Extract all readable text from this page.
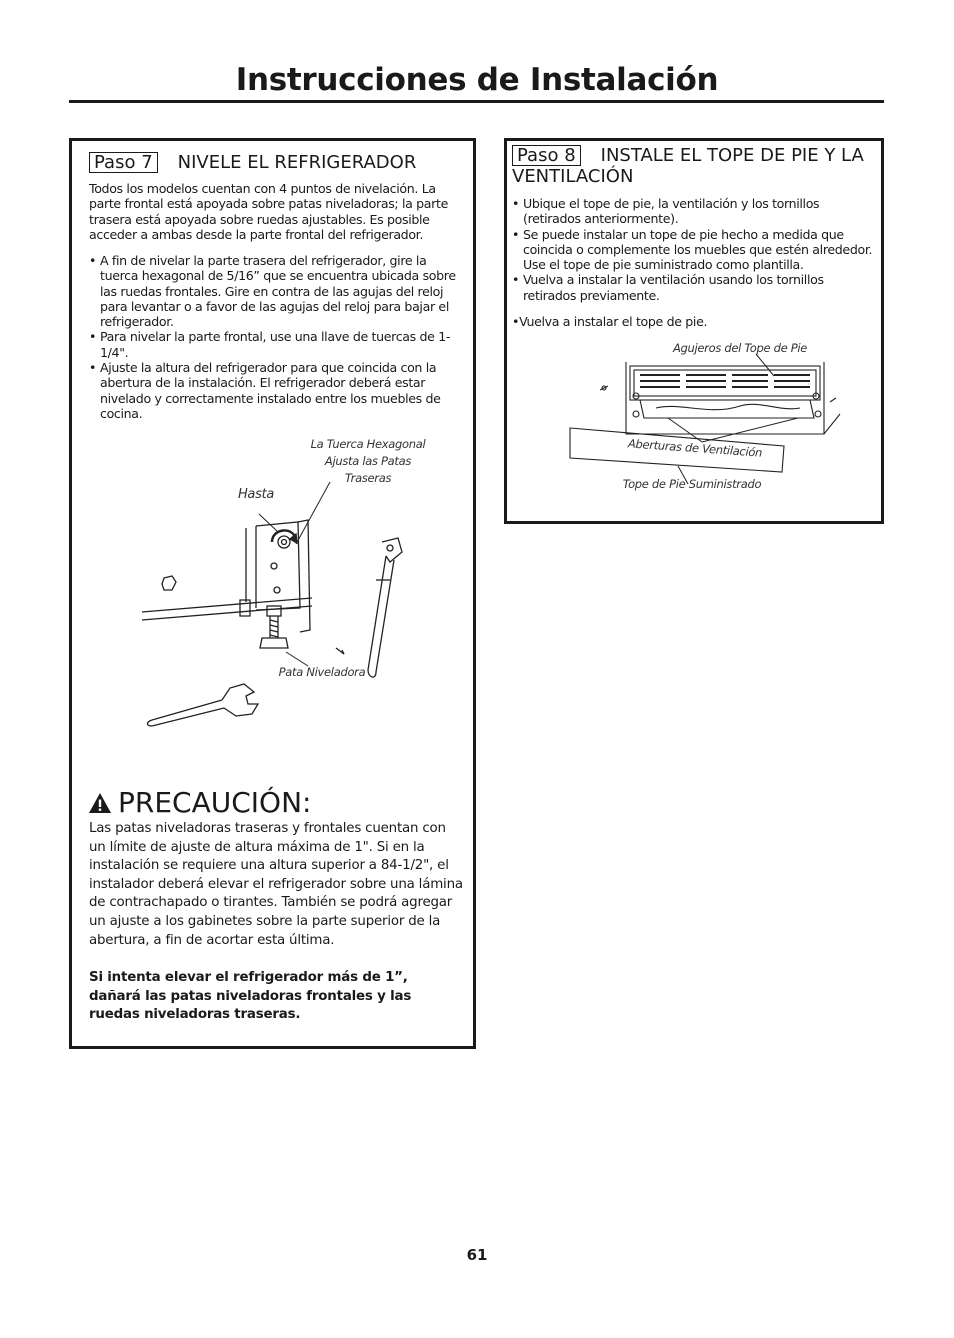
Instrucciones de Instalación
Paso 7 NIVELE EL REFRIGERADOR

Todos los modelos cuentan con 4 puntos de nivelación. La parte frontal está apoyada sobre patas niveladoras; la parte trasera está apoyada sobre ruedas ajustables. Es posible acceder a ambas desde la parte frontal del refrigerador.

• A fin de nivelar la parte trasera del refrigerador, gire la tuerca hexagonal de 5/16” que se encuentra ubicada sobre las ruedas frontales. Gire en contra de las agujas del reloj para levantar o a favor de las agujas del reloj para bajar el refrigerador.
• Para nivelar la parte frontal, use una llave de tuercas de 1-1/4".
• Ajuste la altura del refrigerador para que coincida con la abertura de la instalación. El refrigerador deberá estar nivelado y correctamente instalado entre los muebles de cocina.
La Tuerca Hexagonal Ajusta las Patas Traseras
Hasta
Pata Niveladora
PRECAUCIÓN:

Las patas niveladoras traseras y frontales cuentan con un límite de ajuste de altura máxima de 1". Si en la instalación se requiere una altura superior a 84-1/2", el instalador deberá elevar el refrigerador sobre una lámina de contrachapado o tirantes. También se podrá agregar un ajuste a los gabinetes sobre la parte superior de la abertura, a fin de acortar esta última.

Si intenta elevar el refrigerador más de 1”, dañará las patas niveladoras frontales y las ruedas niveladoras traseras.

Paso 8 INSTALE EL TOPE DE PIE Y LA VENTILACIÓN
• Ubique el tope de pie, la ventilación y los tornillos (retirados anteriormente).
• Se puede instalar un tope de pie hecho a medida que coincida o complemente los muebles que estén alrededor. Use el tope de pie suministrado como plantilla.
• Vuelva a instalar la ventilación usando los tornillos retirados previamente.

•Vuelva a instalar el tope de pie.

Agujeros del Tope de Pie
Aberturas de Ventilación
Tope de Pie Suministrado
61
